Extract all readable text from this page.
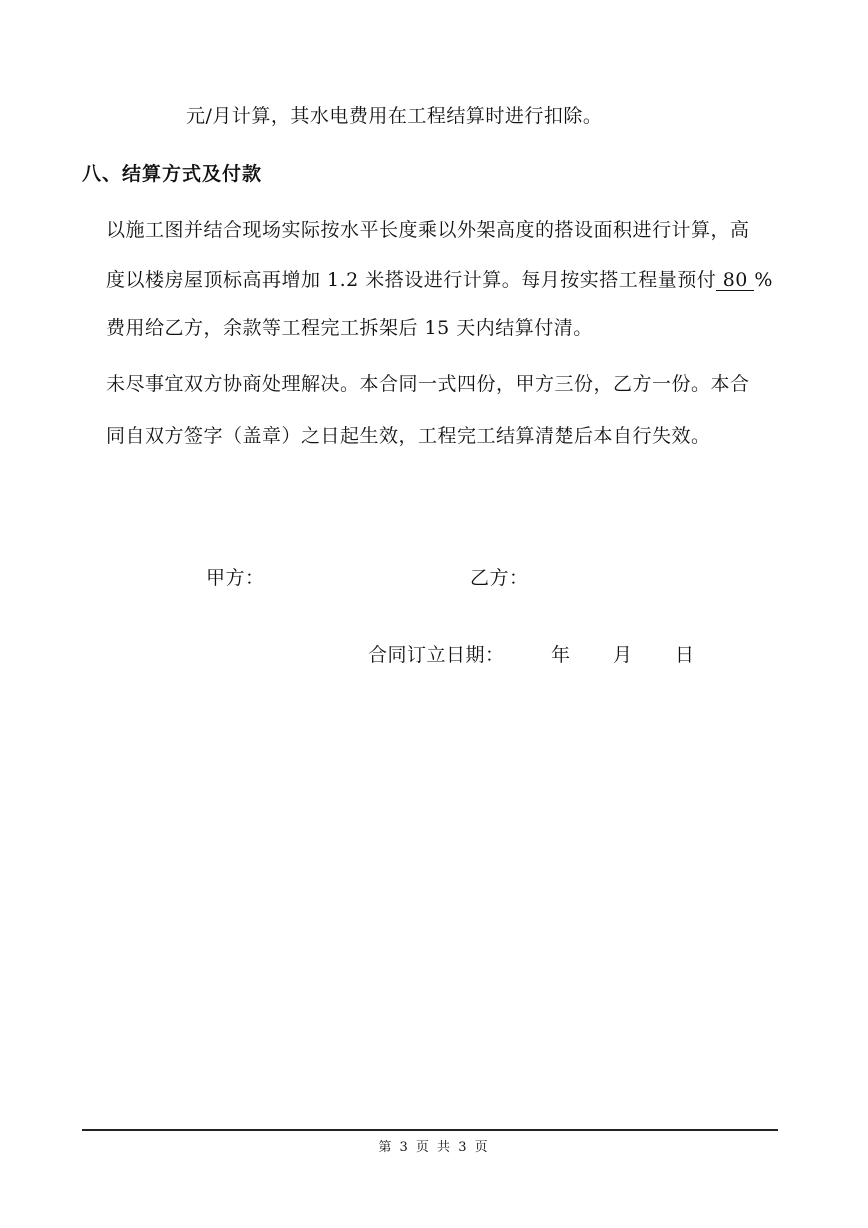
元/月计算，其水电费用在工程结算时进行扣除。
八、结算方式及付款
以施工图并结合现场实际按水平长度乘以外架高度的搭设面积进行计算，高
度以楼房屋顶标高再增加 1.2 米搭设进行计算。每月按实搭工程量预付 80 %
费用给乙方，余款等工程完工拆架后 15 天内结算付清。
未尽事宜双方协商处理解决。本合同一式四份，甲方三份，乙方一份。本合
同自双方签字（盖章）之日起生效，工程完工结算清楚后本自行失效。
甲方：	乙方：
合同订立日期： 年 月 日
第 3 页 共 3 页
